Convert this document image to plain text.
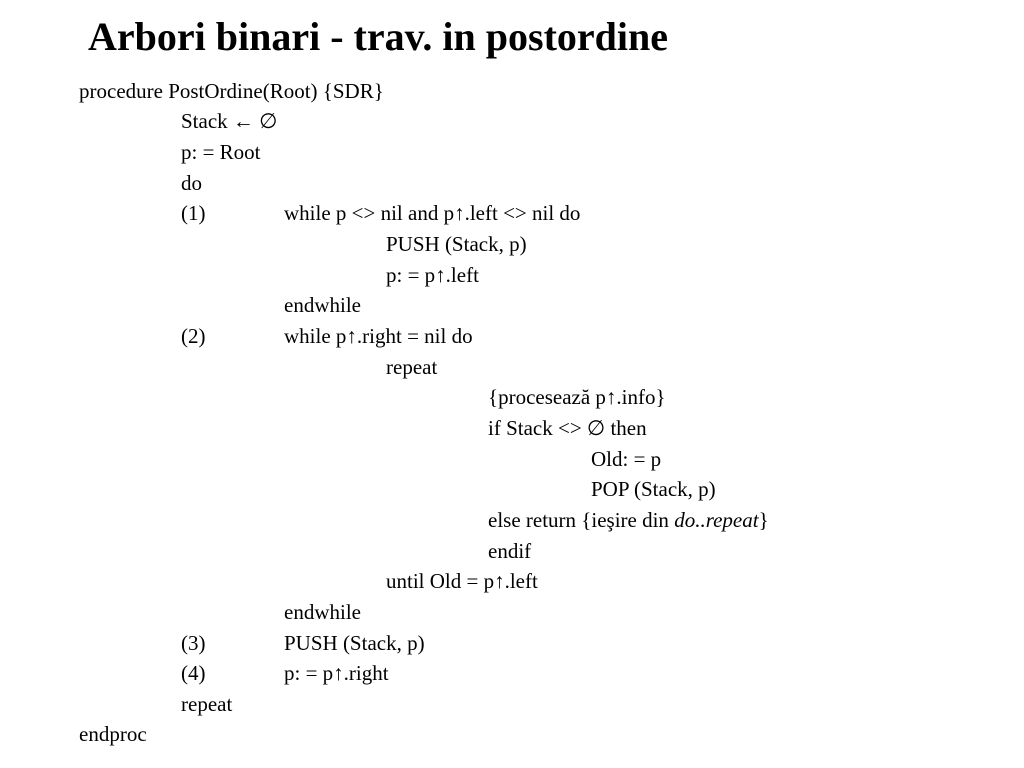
Arbori binari - trav. in postordine
procedure PostOrdine(Root) {SDR}
Stack ← ∅
p: = Root
do
(1)	while p <> nil and p↑.left <> nil do
PUSH (Stack, p)
p: = p↑.left
endwhile
(2)	while p↑.right = nil do
repeat
{procesează p↑.info}
if Stack <> ∅ then
Old: = p
POP (Stack, p)
else return {ieşire din do..repeat}
endif
until Old = p↑.left
endwhile
(3)	PUSH (Stack, p)
(4)	p: = p↑.right
repeat
endproc
